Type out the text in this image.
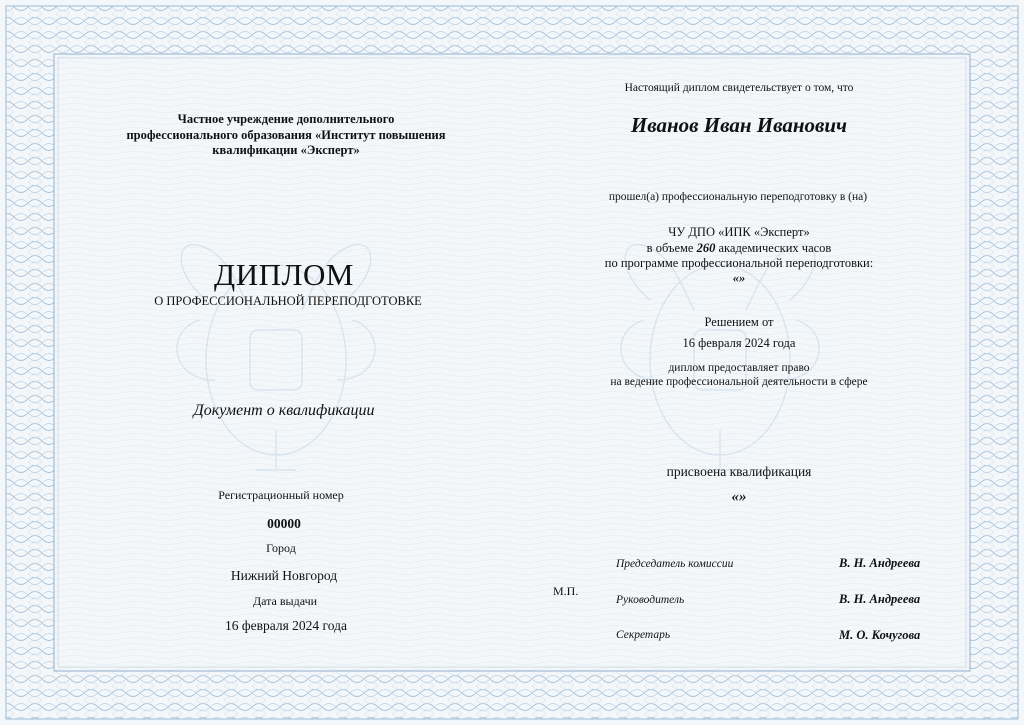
Частное учреждение дополнительного
профессионального образования «Институт повышения
квалификации «Эксперт»
ДИПЛОМ
О ПРОФЕССИОНАЛЬНОЙ ПЕРЕПОДГОТОВКЕ
Документ о квалификации
Регистрационный номер
00000
Город
Нижний Новгород
Дата выдачи
16 февраля 2024 года
Настоящий диплом свидетельствует о том, что
Иванов Иван Иванович
прошел(а) профессиональную переподготовку в (на)
ЧУ ДПО «ИПК «Эксперт»
в объеме 260 академических часов
по программе профессиональной переподготовки:
«»
Решением от
16 февраля 2024 года
диплом предоставляет право
на ведение профессиональной деятельности в сфере
присвоена квалификация
«»
М.П.
Председатель комиссии	В. Н. Андреева
Руководитель	В. Н. Андреева
Секретарь	М. О. Кочугова
